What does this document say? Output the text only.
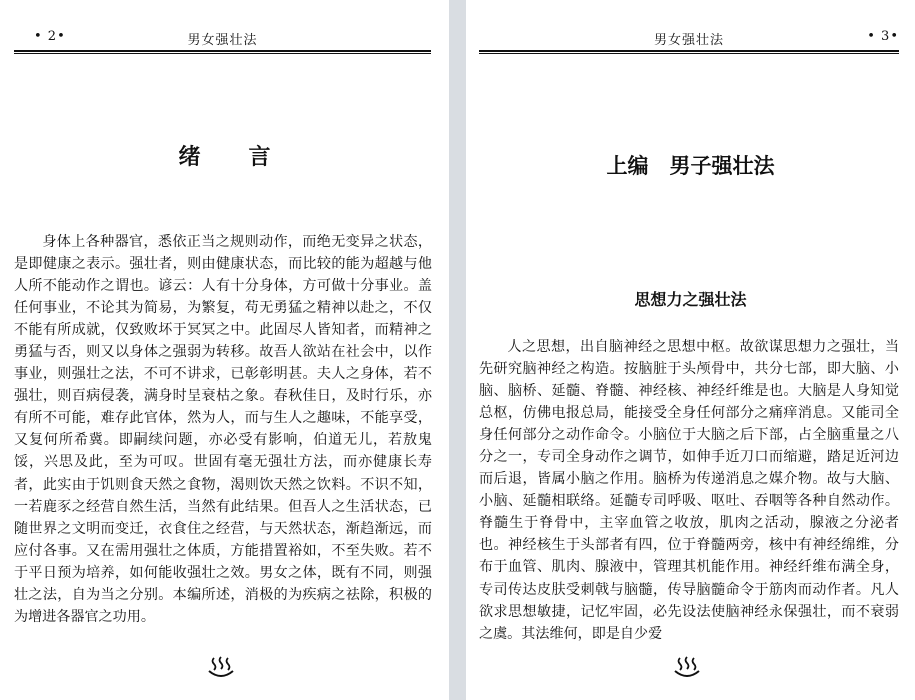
• 2•	男女强壮法
绪言

身体上各种器官，悉依正当之规则动作，而绝无变异之状态，是即健康之表示。强壮者，则由健康状态，而比较的能为超越与他人所不能动作之谓也。谚云：人有十分身体，方可做十分事业。盖任何事业，不论其为简易，为繁复，苟无勇猛之精神以赴之，不仅不能有所成就，仅致败坏于冥冥之中。此固尽人皆知者，而精神之勇猛与否，则又以身体之强弱为转移。故吾人欲站在社会中，以作事业，则强壮之法，不可不讲求，已彰彰明甚。夫人之身体，若不强壮，则百病侵袭，满身时呈衰枯之象。春秋佳日，及时行乐，亦有所不可能，难存此官体，然为人，而与生人之趣味，不能享受，又复何所希冀。即嗣续问题，亦必受有影响，伯道无儿，若敖鬼馁，兴思及此，至为可叹。世固有毫无强壮方法，而亦健康长寿者，此实由于饥则食天然之食物，渴则饮天然之饮料。不识不知，一若鹿豕之经营自然生活，当然有此结果。但吾人之生活状态，已随世界之文明而变迁，衣食住之经营，与天然状态，渐趋渐远，而应付各事。又在需用强壮之体质，方能措置裕如，不至失败。若不于平日预为培养，如何能收强壮之效。男女之体，既有不同，则强壮之法，自为当之分别。本编所述，消极的为疾病之祛除，积极的为增进各器官之功用。

男女强壮法	• 3•
上编　男子强壮法
思想力之强壮法

人之思想，出自脑神经之思想中枢。故欲谋思想力之强壮，当先研究脑神经之构造。按脑脏于头颅骨中，共分七部，即大脑、小脑、脑桥、延髓、脊髓、神经核、神经纤维是也。大脑是人身知觉总枢，仿佛电报总局，能接受全身任何部分之痛痒消息。又能司全身任何部分之动作命令。小脑位于大脑之后下部，占全脑重量之八分之一，专司全身动作之调节，如伸手近刀口而缩避，踏足近河边而后退，皆属小脑之作用。脑桥为传递消息之媒介物。故与大脑、小脑、延髓相联络。延髓专司呼吸、呕吐、吞咽等各种自然动作。脊髓生于脊骨中，主宰血管之收放，肌肉之活动，腺液之分泌者也。神经核生于头部者有四，位于脊髓两旁，核中有神经绵维，分布于血管、肌肉、腺液中，管理其机能作用。神经纤维布满全身，专司传达皮肤受刺戟与脑髓，传导脑髓命令于筋肉而动作者。凡人欲求思想敏捷，记忆牢固，必先设法使脑神经永保强壮，而不衰弱之虞。其法维何，即是自少爱
